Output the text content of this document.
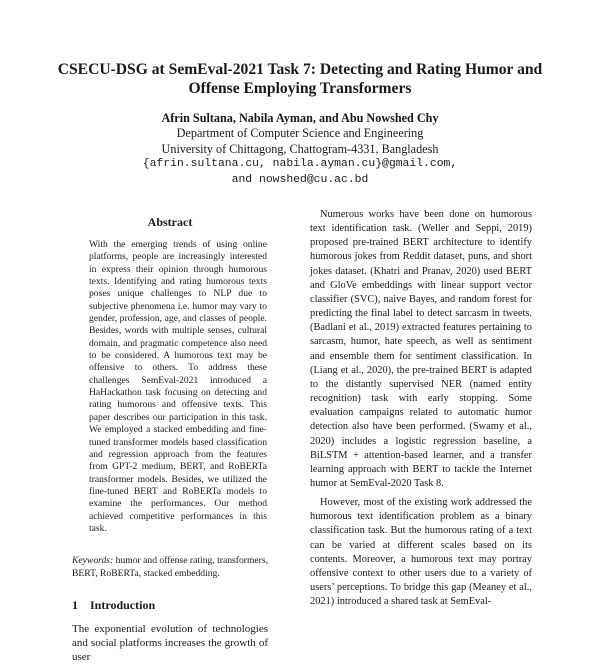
CSECU-DSG at SemEval-2021 Task 7: Detecting and Rating Humor and
Offense Employing Transformers
Afrin Sultana, Nabila Ayman, and Abu Nowshed Chy
Department of Computer Science and Engineering
University of Chittagong, Chattogram-4331, Bangladesh
{afrin.sultana.cu, nabila.ayman.cu}@gmail.com,
and nowshed@cu.ac.bd
Abstract
With the emerging trends of using online platforms, people are increasingly interested in express their opinion through humorous texts. Identifying and rating humorous texts poses unique challenges to NLP due to subjective phenomena i.e. humor may vary to gender, profession, age, and classes of people. Besides, words with multiple senses, cultural domain, and pragmatic competence also need to be considered. A humorous text may be offensive to others. To address these challenges SemEval-2021 introduced a HaHackathon task focusing on detecting and rating humorous and offensive texts. This paper describes our participation in this task. We employed a stacked embedding and fine-tuned transformer models based classification and regression approach from the features from GPT-2 medium, BERT, and RoBERTa transformer models. Besides, we utilized the fine-tuned BERT and RoBERTa models to examine the performances. Our method achieved competitive performances in this task.
Keywords: humor and offense rating, transformers, BERT, RoBERTa, stacked embedding.
1 Introduction
The exponential evolution of technologies and social platforms increases the growth of user
Numerous works have been done on humorous text identification task. (Weller and Seppi, 2019) proposed pre-trained BERT architecture to identify humorous jokes from Reddit dataset, puns, and short jokes dataset. (Khatri and Pranav, 2020) used BERT and GloVe embeddings with linear support vector classifier (SVC), naive Bayes, and random forest for predicting the final label to detect sarcasm in tweets. (Badlani et al., 2019) extracted features pertaining to sarcasm, humor, hate speech, as well as sentiment and ensemble them for sentiment classification. In (Liang et al., 2020), the pre-trained BERT is adapted to the distantly supervised NER (named entity recognition) task with early stopping. Some evaluation campaigns related to automatic humor detection also have been performed. (Swamy et al., 2020) includes a logistic regression baseline, a BiLSTM + attention-based learner, and a transfer learning approach with BERT to tackle the Internet humor at SemEval-2020 Task 8.
However, most of the existing work addressed the humorous text identification problem as a binary classification task. But the humorous rating of a text can be varied at different scales based on its contents. Moreover, a humorous text may portray offensive context to other users due to a variety of users’ perceptions. To bridge this gap (Meaney et al., 2021) introduced a shared task at SemEval-
